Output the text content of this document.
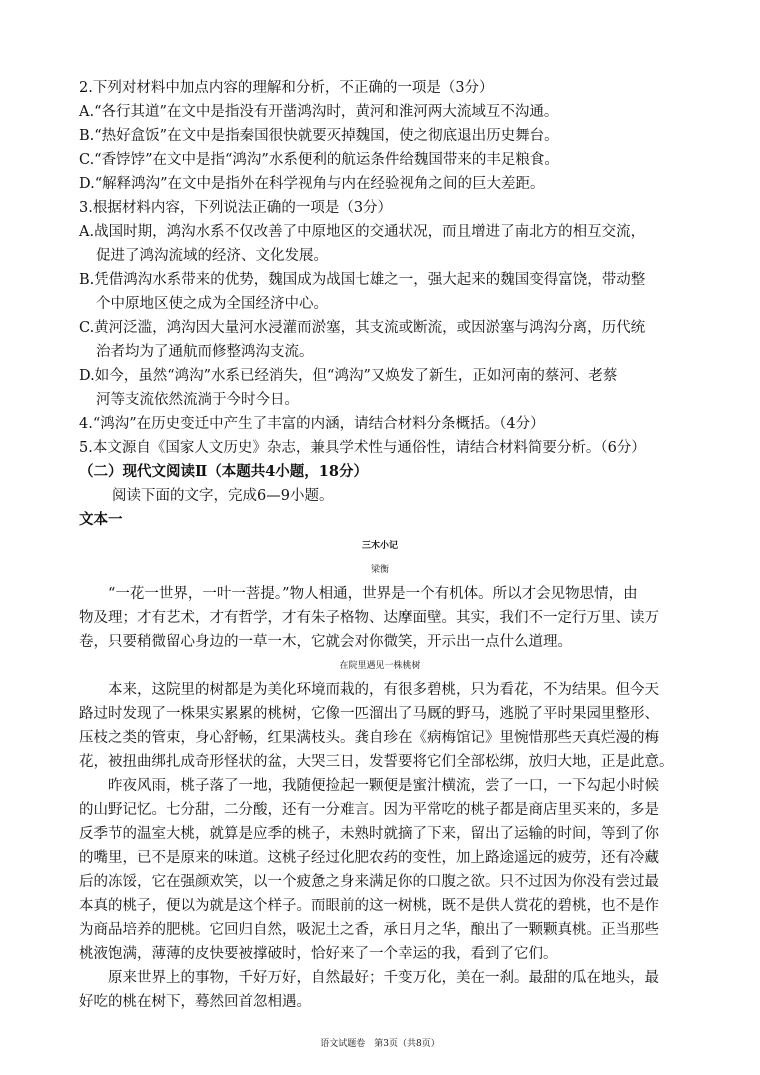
2.下列对材料中加点内容的理解和分析，不正确的一项是（3分）
A.“各行其道”在文中是指没有开凿鸿沟时，黄河和淮河两大流域互不沟通。
B.“热好盒饭”在文中是指秦国很快就要灭掉魏国，使之彻底退出历史舞台。
C.“香饽饽”在文中是指“鸿沟”水系便利的航运条件给魏国带来的丰足粮食。
D.“解释鸿沟”在文中是指外在科学视角与内在经验视角之间的巨大差距。
3.根据材料内容，下列说法正确的一项是（3分）
A.战国时期，鸿沟水系不仅改善了中原地区的交通状况，而且增进了南北方的相互交流，
促进了鸿沟流域的经济、文化发展。
B.凭借鸿沟水系带来的优势，魏国成为战国七雄之一，强大起来的魏国变得富饶，带动整
个中原地区使之成为全国经济中心。
C.黄河泛滥，鸿沟因大量河水浸灌而淤塞，其支流或断流，或因淤塞与鸿沟分离，历代统
治者均为了通航而修整鸿沟支流。
D.如今，虽然“鸿沟”水系已经消失，但“鸿沟”又焕发了新生，正如河南的蔡河、老蔡
河等支流依然流淌于今时今日。
4.“鸿沟”在历史变迁中产生了丰富的内涵，请结合材料分条概括。（4分）
5.本文源自《国家人文历史》杂志，兼具学术性与通俗性，请结合材料简要分析。（6分）
（二）现代文阅读Ⅱ（本题共4小题，18分）
阅读下面的文字，完成6—9小题。
文本一
三木小记
梁衡
“一花一世界，一叶一菩提。”物人相通，世界是一个有机体。所以才会见物思情，由
物及理；才有艺术，才有哲学，才有朱子格物、达摩面壁。其实，我们不一定行万里、读万
卷，只要稍微留心身边的一草一木，它就会对你微笑，开示出一点什么道理。
在院里遇见一株桃树
本来，这院里的树都是为美化环境而栽的，有很多碧桃，只为看花，不为结果。但今天
路过时发现了一株果实累累的桃树，它像一匹溜出了马厩的野马，逃脱了平时果园里整形、
压枝之类的管束，身心舒畅，红果满枝头。龚自珍在《病梅馆记》里惋惜那些天真烂漫的梅
花，被扭曲绑扎成奇形怪状的盆，大哭三日，发誓要将它们全部松绑，放归大地，正是此意。
昨夜风雨，桃子落了一地，我随便捡起一颗便是蜜汁横流，尝了一口，一下勾起小时候
的山野记忆。七分甜，二分酸，还有一分难言。因为平常吃的桃子都是商店里买来的，多是
反季节的温室大桃，就算是应季的桃子，未熟时就摘了下来，留出了运输的时间，等到了你
的嘴里，已不是原来的味道。这桃子经过化肥农药的变性，加上路途遥远的疲劳，还有冷藏
后的冻馁，它在强颜欢笑，以一个疲惫之身来满足你的口腹之欲。只不过因为你没有尝过最
本真的桃子，便以为就是这个样子。而眼前的这一树桃，既不是供人赏花的碧桃，也不是作
为商品培养的肥桃。它回归自然，吸泥土之香，承日月之华，酿出了一颗颗真桃。正当那些
桃液饱满，薄薄的皮快要被撑破时，恰好来了一个幸运的我，看到了它们。
原来世界上的事物，千好万好，自然最好；千变万化，美在一刹。最甜的瓜在地头，最
好吃的桃在树下，蓦然回首忽相遇。
语文试题卷　第3页（共8页）
